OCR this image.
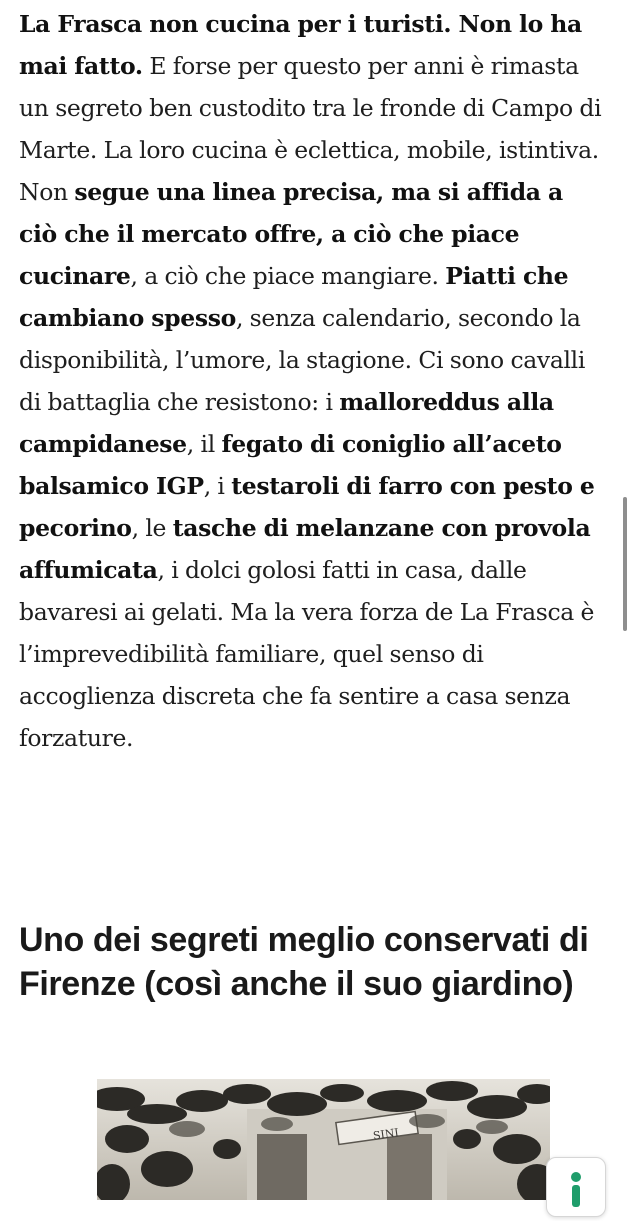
La Frasca non cucina per i turisti. Non lo ha mai fatto. E forse per questo per anni è rimasta un segreto ben custodito tra le fronde di Campo di Marte. La loro cucina è eclettica, mobile, istintiva. Non segue una linea precisa, ma si affida a ciò che il mercato offre, a ciò che piace cucinare, a ciò che piace mangiare. Piatti che cambiano spesso, senza calendario, secondo la disponibilità, l’umore, la stagione. Ci sono cavalli di battaglia che resistono: i malloreddus alla campidanese, il fegato di coniglio all’aceto balsamico IGP, i testaroli di farro con pesto e pecorino, le tasche di melanzane con provola affumicata, i dolci golosi fatti in casa, dalle bavaresi ai gelati. Ma la vera forza de La Frasca è l’imprevedibilità familiare, quel senso di accoglienza discreta che fa sentire a casa senza forzature.

Uno dei segreti meglio conservati di Firenze (così anche il suo giardino)
SINI
